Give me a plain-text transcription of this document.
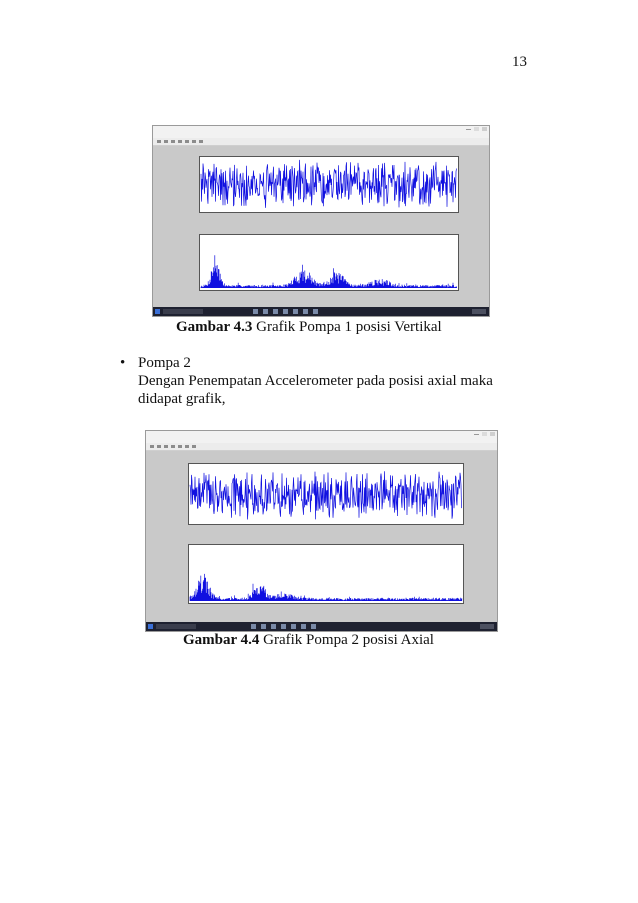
13
Gambar 4.3 Grafik Pompa 1 posisi Vertikal
• Pompa 2
Dengan Penempatan Accelerometer pada posisi axial maka
didapat grafik,
Gambar 4.4 Grafik Pompa 2 posisi Axial
